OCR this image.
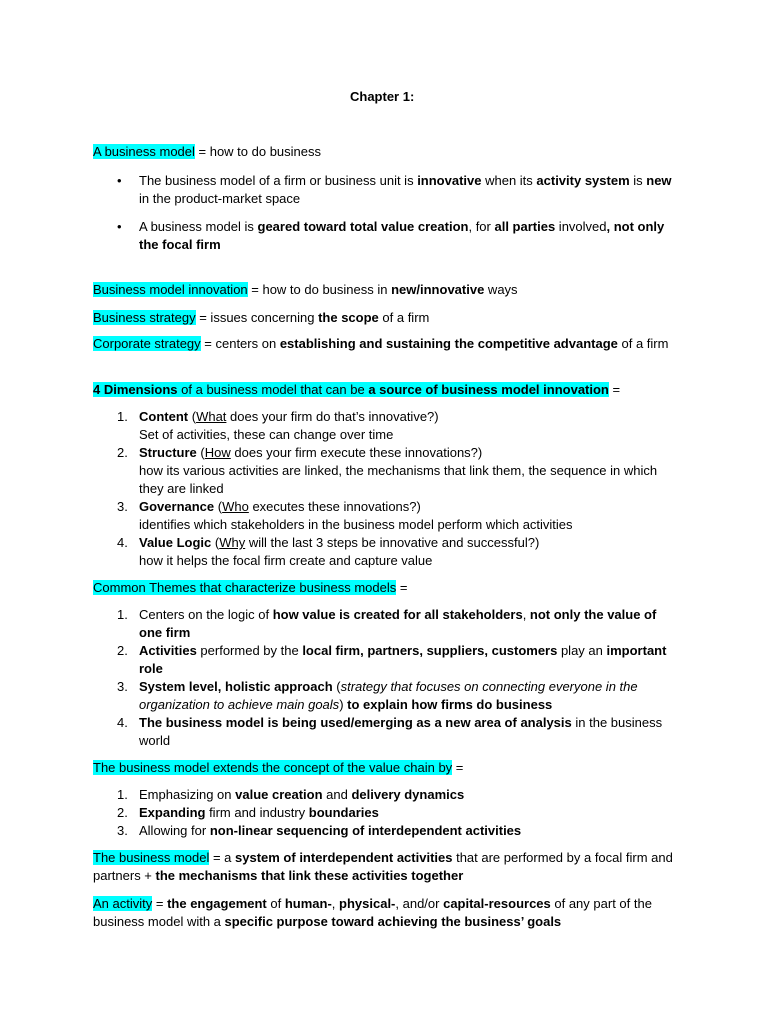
Chapter 1:
A business model = how to do business
• The business model of a firm or business unit is innovative when its activity system is new in the product-market space
• A business model is geared toward total value creation, for all parties involved, not only the focal firm
Business model innovation = how to do business in new/innovative ways
Business strategy = issues concerning the scope of a firm
Corporate strategy = centers on establishing and sustaining the competitive advantage of a firm
4 Dimensions of a business model that can be a source of business model innovation =
1. Content (What does your firm do that’s innovative?)
Set of activities, these can change over time
2. Structure (How does your firm execute these innovations?)
how its various activities are linked, the mechanisms that link them, the sequence in which they are linked
3. Governance (Who executes these innovations?)
identifies which stakeholders in the business model perform which activities
4. Value Logic (Why will the last 3 steps be innovative and successful?)
how it helps the focal firm create and capture value
Common Themes that characterize business models =
1. Centers on the logic of how value is created for all stakeholders, not only the value of one firm
2. Activities performed by the local firm, partners, suppliers, customers play an important role
3. System level, holistic approach (strategy that focuses on connecting everyone in the organization to achieve main goals) to explain how firms do business
4. The business model is being used/emerging as a new area of analysis in the business world
The business model extends the concept of the value chain by =
1. Emphasizing on value creation and delivery dynamics
2. Expanding firm and industry boundaries
3. Allowing for non-linear sequencing of interdependent activities
The business model = a system of interdependent activities that are performed by a focal firm and partners + the mechanisms that link these activities together
An activity = the engagement of human-, physical-, and/or capital-resources of any part of the business model with a specific purpose toward achieving the business’ goals
